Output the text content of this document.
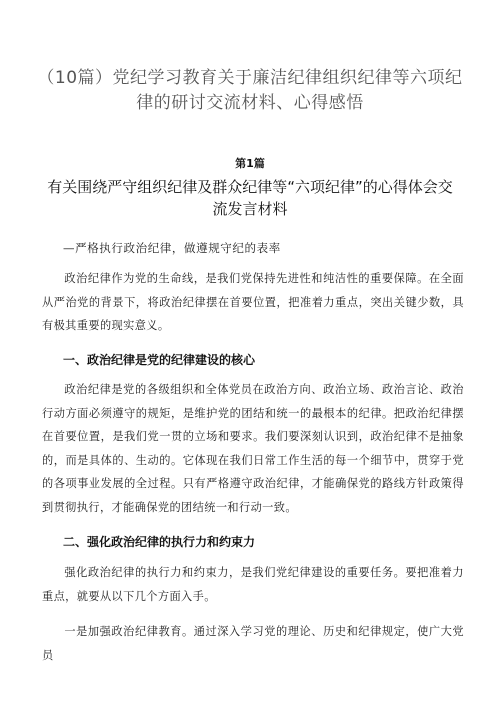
（10篇）党纪学习教育关于廉洁纪律组织纪律等六项纪律的研讨交流材料、心得感悟
第1篇
有关围绕严守组织纪律及群众纪律等“六项纪律”的心得体会交流发言材料
—严格执行政治纪律，做遵规守纪的表率

政治纪律作为党的生命线，是我们党保持先进性和纯洁性的重要保障。在全面从严治党的背景下，将政治纪律摆在首要位置，把准着力重点，突出关键少数，具有极其重要的现实意义。

一、政治纪律是党的纪律建设的核心

政治纪律是党的各级组织和全体党员在政治方向、政治立场、政治言论、政治行动方面必须遵守的规矩，是维护党的团结和统一的最根本的纪律。把政治纪律摆在首要位置，是我们党一贯的立场和要求。我们要深刻认识到，政治纪律不是抽象的，而是具体的、生动的。它体现在我们日常工作生活的每一个细节中，贯穿于党的各项事业发展的全过程。只有严格遵守政治纪律，才能确保党的路线方针政策得到贯彻执行，才能确保党的团结统一和行动一致。

二、强化政治纪律的执行力和约束力

强化政治纪律的执行力和约束力，是我们党纪律建设的重要任务。要把准着力重点，就要从以下几个方面入手。

一是加强政治纪律教育。通过深入学习党的理论、历史和纪律规定，使广大党员
